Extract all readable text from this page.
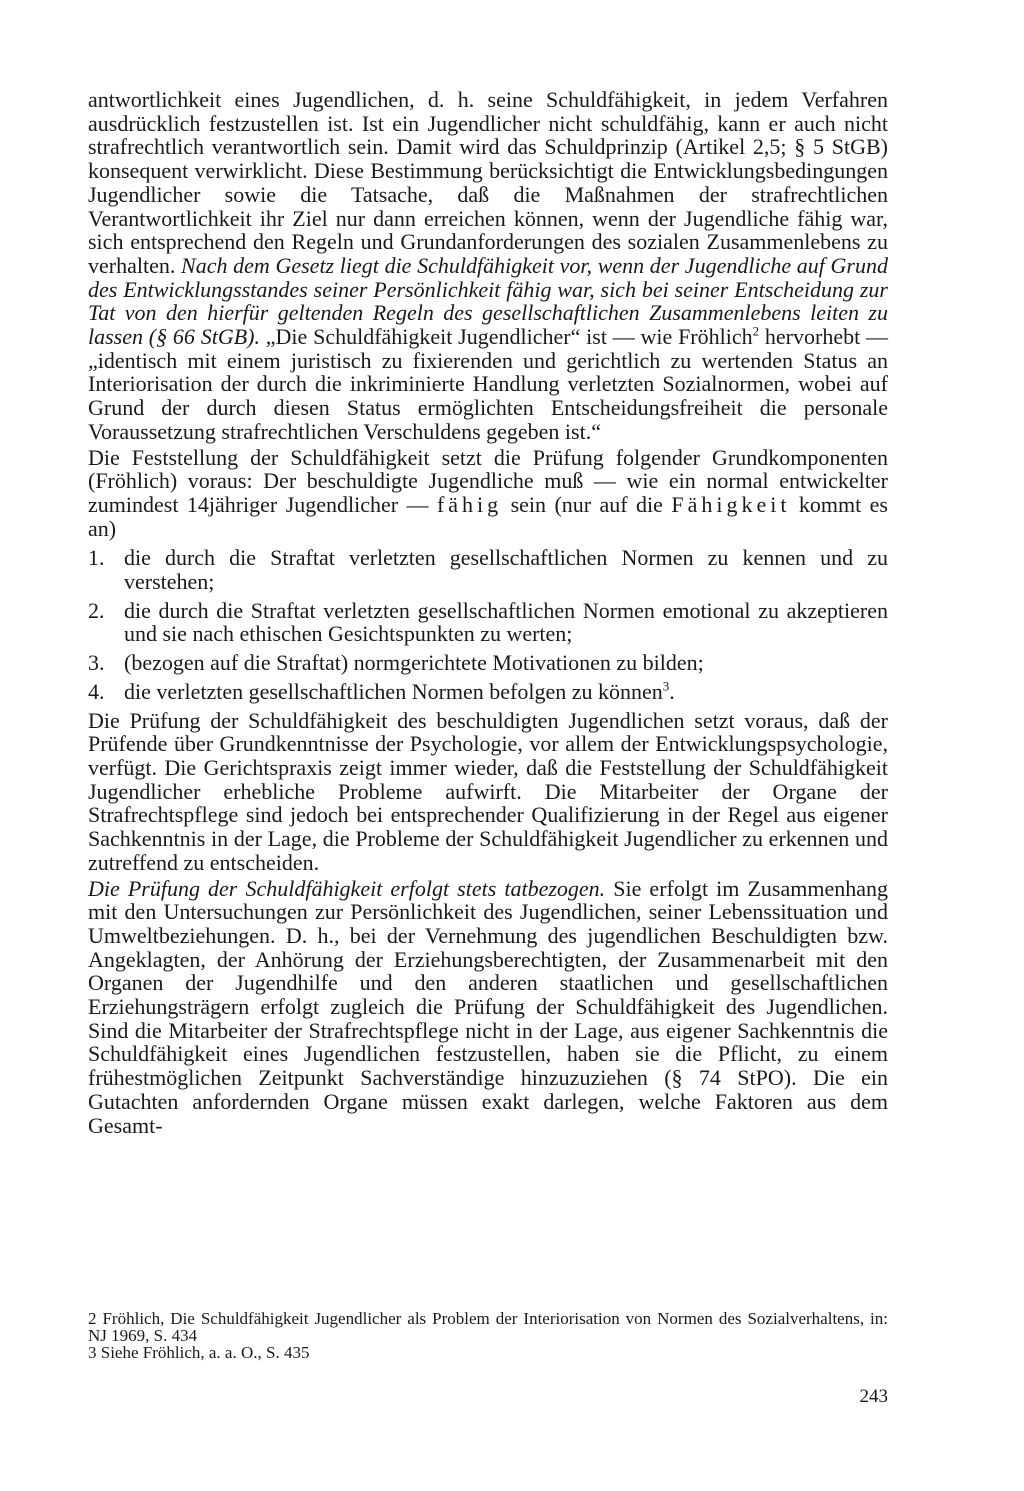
antwortlichkeit eines Jugendlichen, d. h. seine Schuldfähigkeit, in jedem Verfahren ausdrücklich festzustellen ist. Ist ein Jugendlicher nicht schuldfähig, kann er auch nicht strafrechtlich verantwortlich sein. Damit wird das Schuldprinzip (Artikel 2,5; § 5 StGB) konsequent verwirklicht. Diese Bestimmung berücksichtigt die Entwicklungsbedingungen Jugendlicher sowie die Tatsache, daß die Maßnahmen der strafrechtlichen Verantwortlichkeit ihr Ziel nur dann erreichen können, wenn der Jugendliche fähig war, sich entsprechend den Regeln und Grundanforderungen des sozialen Zusammenlebens zu verhalten. Nach dem Gesetz liegt die Schuldfähigkeit vor, wenn der Jugendliche auf Grund des Entwicklungsstandes seiner Persönlichkeit fähig war, sich bei seiner Entscheidung zur Tat von den hierfür geltenden Regeln des gesellschaftlichen Zusammenlebens leiten zu lassen (§ 66 StGB). „Die Schuldfähigkeit Jugendlicher“ ist — wie Fröhlich$^2$ hervorhebt — „identisch mit einem juristisch zu fixierenden und gerichtlich zu wertenden Status an Interiorisation der durch die inkriminierte Handlung verletzten Sozialnormen, wobei auf Grund der durch diesen Status ermöglichten Entscheidungsfreiheit die personale Voraussetzung strafrechtlichen Verschuldens gegeben ist.“

Die Feststellung der Schuldfähigkeit setzt die Prüfung folgender Grundkomponenten (Fröhlich) voraus: Der beschuldigte Jugendliche muß — wie ein normal entwickelter zumindest 14jähriger Jugendlicher — fähig sein (nur auf die Fähigkeit kommt es an)

1. die durch die Straftat verletzten gesellschaftlichen Normen zu kennen und zu verstehen;
2. die durch die Straftat verletzten gesellschaftlichen Normen emotional zu akzeptieren und sie nach ethischen Gesichtspunkten zu werten;
3. (bezogen auf die Straftat) normgerichtete Motivationen zu bilden;
4. die verletzten gesellschaftlichen Normen befolgen zu können$^3$.

Die Prüfung der Schuldfähigkeit des beschuldigten Jugendlichen setzt voraus, daß der Prüfende über Grundkenntnisse der Psychologie, vor allem der Entwicklungspsychologie, verfügt. Die Gerichtspraxis zeigt immer wieder, daß die Feststellung der Schuldfähigkeit Jugendlicher erhebliche Probleme aufwirft. Die Mitarbeiter der Organe der Strafrechtspflege sind jedoch bei entsprechender Qualifizierung in der Regel aus eigener Sachkenntnis in der Lage, die Probleme der Schuldfähigkeit Jugendlicher zu erkennen und zutreffend zu entscheiden.

Die Prüfung der Schuldfähigkeit erfolgt stets tatbezogen. Sie erfolgt im Zusammenhang mit den Untersuchungen zur Persönlichkeit des Jugendlichen, seiner Lebenssituation und Umweltbeziehungen. D. h., bei der Vernehmung des jugendlichen Beschuldigten bzw. Angeklagten, der Anhörung der Erziehungsberechtigten, der Zusammenarbeit mit den Organen der Jugendhilfe und den anderen staatlichen und gesellschaftlichen Erziehungsträgern erfolgt zugleich die Prüfung der Schuldfähigkeit des Jugendlichen. Sind die Mitarbeiter der Strafrechtspflege nicht in der Lage, aus eigener Sachkenntnis die Schuldfähigkeit eines Jugendlichen festzustellen, haben sie die Pflicht, zu einem frühestmöglichen Zeitpunkt Sachverständige hinzuzuziehen (§ 74 StPO). Die ein Gutachten anfordernden Organe müssen exakt darlegen, welche Faktoren aus dem Gesamt-

2 Fröhlich, Die Schuldfähigkeit Jugendlicher als Problem der Interiorisation von Normen des Sozialverhaltens, in: NJ 1969, S. 434
3 Siehe Fröhlich, a. a. O., S. 435
243
